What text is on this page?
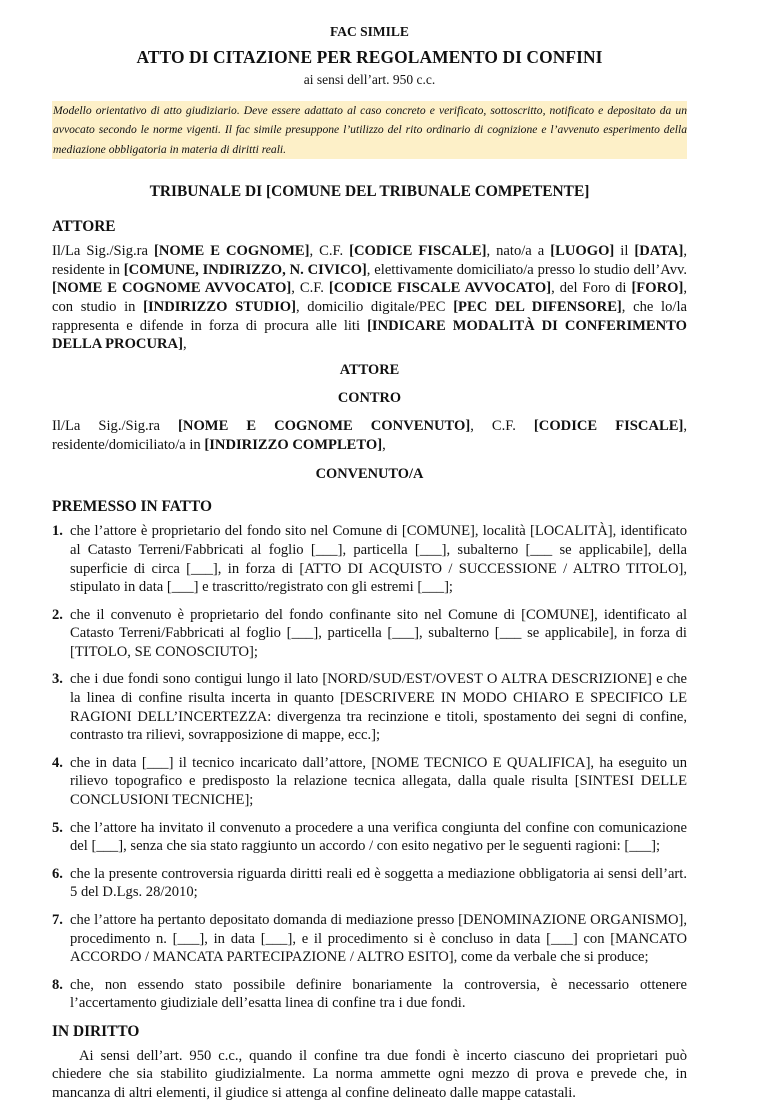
FAC SIMILE
ATTO DI CITAZIONE PER REGOLAMENTO DI CONFINI
ai sensi dell’art. 950 c.c.
Modello orientativo di atto giudiziario. Deve essere adattato al caso concreto e verificato, sottoscritto, notificato e depositato da un avvocato secondo le norme vigenti. Il fac simile presuppone l’utilizzo del rito ordinario di cognizione e l’avvenuto esperimento della mediazione obbligatoria in materia di diritti reali.
TRIBUNALE DI [COMUNE DEL TRIBUNALE COMPETENTE]
ATTORE
Il/La Sig./Sig.ra [NOME E COGNOME], C.F. [CODICE FISCALE], nato/a a [LUOGO] il [DATA], residente in [COMUNE, INDIRIZZO, N. CIVICO], elettivamente domiciliato/a presso lo studio dell’Avv. [NOME E COGNOME AVVOCATO], C.F. [CODICE FISCALE AVVOCATO], del Foro di [FORO], con studio in [INDIRIZZO STUDIO], domicilio digitale/PEC [PEC DEL DIFENSORE], che lo/la rappresenta e difende in forza di procura alle liti [INDICARE MODALITÀ DI CONFERIMENTO DELLA PROCURA],
ATTORE
CONTRO
Il/La Sig./Sig.ra [NOME E COGNOME CONVENUTO], C.F. [CODICE FISCALE], residente/domiciliato/a in [INDIRIZZO COMPLETO],
CONVENUTO/A
PREMESSO IN FATTO
1. che l’attore è proprietario del fondo sito nel Comune di [COMUNE], località [LOCALITÀ], identificato al Catasto Terreni/Fabbricati al foglio [___], particella [___], subalterno [___ se applicabile], della superficie di circa [___], in forza di [ATTO DI ACQUISTO / SUCCESSIONE / ALTRO TITOLO], stipulato in data [___] e trascritto/registrato con gli estremi [___];
2. che il convenuto è proprietario del fondo confinante sito nel Comune di [COMUNE], identificato al Catasto Terreni/Fabbricati al foglio [___], particella [___], subalterno [___ se applicabile], in forza di [TITOLO, SE CONOSCIUTO];
3. che i due fondi sono contigui lungo il lato [NORD/SUD/EST/OVEST O ALTRA DESCRIZIONE] e che la linea di confine risulta incerta in quanto [DESCRIVERE IN MODO CHIARO E SPECIFICO LE RAGIONI DELL’INCERTEZZA: divergenza tra recinzione e titoli, spostamento dei segni di confine, contrasto tra rilievi, sovrapposizione di mappe, ecc.];
4. che in data [___] il tecnico incaricato dall’attore, [NOME TECNICO E QUALIFICA], ha eseguito un rilievo topografico e predisposto la relazione tecnica allegata, dalla quale risulta [SINTESI DELLE CONCLUSIONI TECNICHE];
5. che l’attore ha invitato il convenuto a procedere a una verifica congiunta del confine con comunicazione del [___], senza che sia stato raggiunto un accordo / con esito negativo per le seguenti ragioni: [___];
6. che la presente controversia riguarda diritti reali ed è soggetta a mediazione obbligatoria ai sensi dell’art. 5 del D.Lgs. 28/2010;
7. che l’attore ha pertanto depositato domanda di mediazione presso [DENOMINAZIONE ORGANISMO], procedimento n. [___], in data [___], e il procedimento si è concluso in data [___] con [MANCATO ACCORDO / MANCATA PARTECIPAZIONE / ALTRO ESITO], come da verbale che si produce;
8. che, non essendo stato possibile definire bonariamente la controversia, è necessario ottenere l’accertamento giudiziale dell’esatta linea di confine tra i due fondi.
IN DIRITTO
Ai sensi dell’art. 950 c.c., quando il confine tra due fondi è incerto ciascuno dei proprietari può chiedere che sia stabilito giudizialmente. La norma ammette ogni mezzo di prova e prevede che, in mancanza di altri elementi, il giudice si attenga al confine delineato dalle mappe catastali.
